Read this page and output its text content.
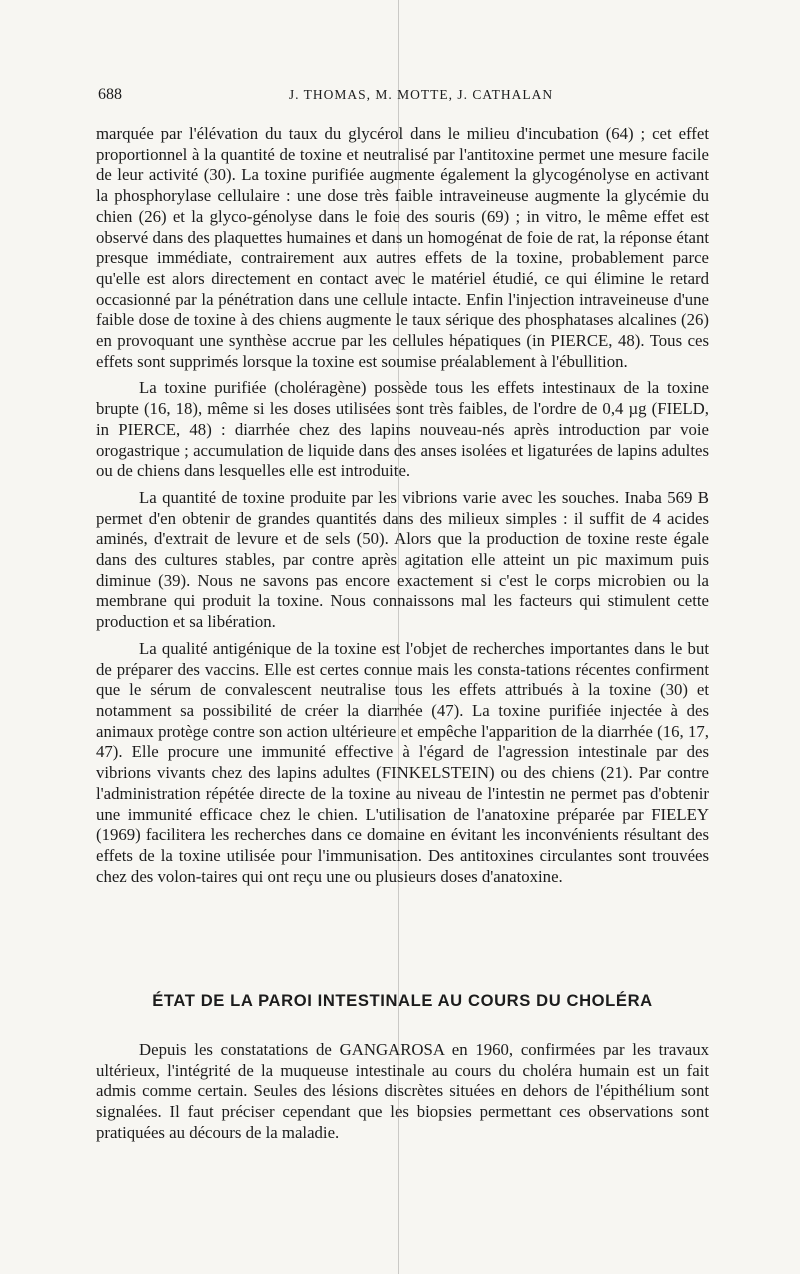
688	J. THOMAS, M. MOTTE, J. CATHALAN

marquée par l'élévation du taux du glycérol dans le milieu d'incubation (64) ; cet effet proportionnel à la quantité de toxine et neutralisé par l'antitoxine permet une mesure facile de leur activité (30). La toxine purifiée augmente également la glycogénolyse en activant la phosphorylase cellulaire : une dose très faible intraveineuse augmente la glycémie du chien (26) et la glyco-génolyse dans le foie des souris (69) ; in vitro, le même effet est observé dans des plaquettes humaines et dans un homogénat de foie de rat, la réponse étant presque immédiate, contrairement aux autres effets de la toxine, probablement parce qu'elle est alors directement en contact avec le matériel étudié, ce qui élimine le retard occasionné par la pénétration dans une cellule intacte. Enfin l'injection intraveineuse d'une faible dose de toxine à des chiens augmente le taux sérique des phosphatases alcalines (26) en provoquant une synthèse accrue par les cellules hépatiques (in PIERCE, 48). Tous ces effets sont supprimés lorsque la toxine est soumise préalablement à l'ébullition.

La toxine purifiée (choléragène) possède tous les effets intestinaux de la toxine brupte (16, 18), même si les doses utilisées sont très faibles, de l'ordre de 0,4 µg (FIELD, in PIERCE, 48) : diarrhée chez des lapins nouveau-nés après introduction par voie orogastrique ; accumulation de liquide dans des anses isolées et ligaturées de lapins adultes ou de chiens dans lesquelles elle est introduite.

La quantité de toxine produite par les vibrions varie avec les souches. Inaba 569 B permet d'en obtenir de grandes quantités dans des milieux simples : il suffit de 4 acides aminés, d'extrait de levure et de sels (50). Alors que la production de toxine reste égale dans des cultures stables, par contre après agitation elle atteint un pic maximum puis diminue (39). Nous ne savons pas encore exactement si c'est le corps microbien ou la membrane qui produit la toxine. Nous connaissons mal les facteurs qui stimulent cette production et sa libération.

La qualité antigénique de la toxine est l'objet de recherches importantes dans le but de préparer des vaccins. Elle est certes connue mais les consta-tations récentes confirment que le sérum de convalescent neutralise tous les effets attribués à la toxine (30) et notamment sa possibilité de créer la diarrhée (47). La toxine purifiée injectée à des animaux protège contre son action ultérieure et empêche l'apparition de la diarrhée (16, 17, 47). Elle procure une immunité effective à l'égard de l'agression intestinale par des vibrions vivants chez des lapins adultes (FINKELSTEIN) ou des chiens (21). Par contre l'administration répétée directe de la toxine au niveau de l'intestin ne permet pas d'obtenir une immunité efficace chez le chien. L'utilisation de l'anatoxine préparée par FIELEY (1969) facilitera les recherches dans ce domaine en évitant les inconvénients résultant des effets de la toxine utilisée pour l'immunisation. Des antitoxines circulantes sont trouvées chez des volon-taires qui ont reçu une ou plusieurs doses d'anatoxine.

ÉTAT DE LA PAROI INTESTINALE AU COURS DU CHOLÉRA

Depuis les constatations de GANGAROSA en 1960, confirmées par les travaux ultérieux, l'intégrité de la muqueuse intestinale au cours du choléra humain est un fait admis comme certain. Seules des lésions discrètes situées en dehors de l'épithélium sont signalées. Il faut préciser cependant que les biopsies permettant ces observations sont pratiquées au décours de la maladie.
